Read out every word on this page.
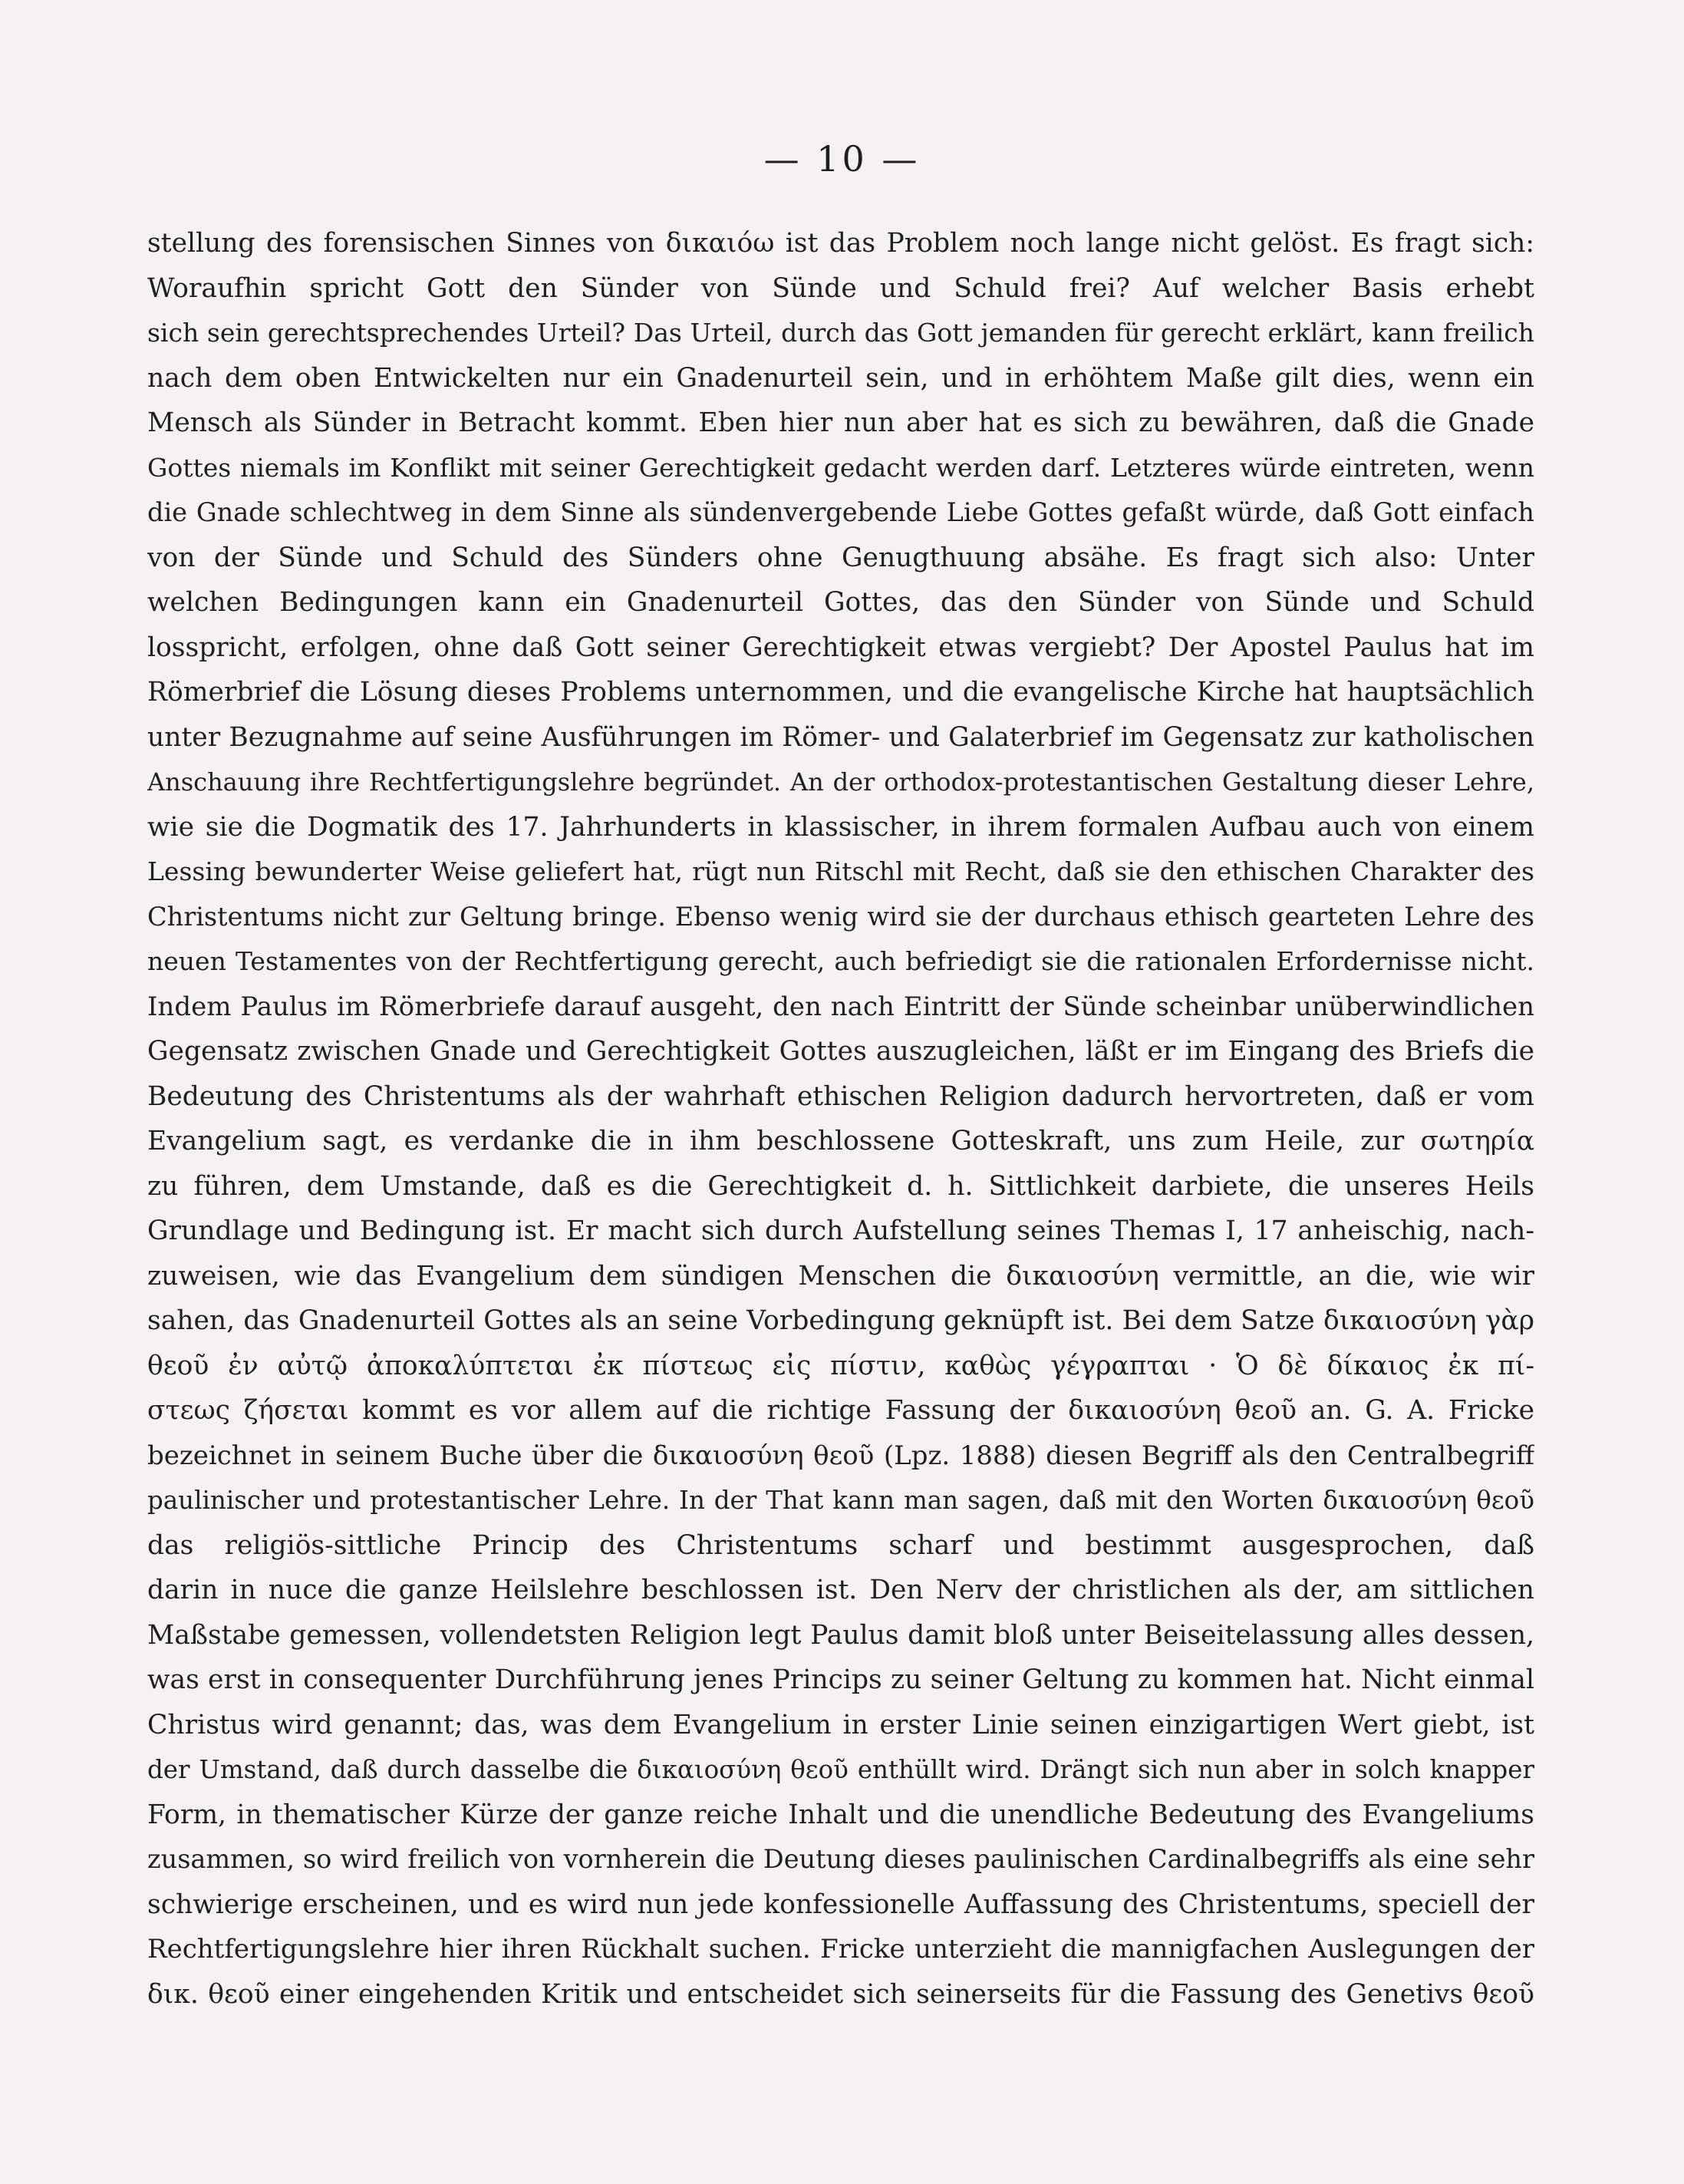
— 10 —
stellung des forensischen Sinnes von δικαιόω ist das Problem noch lange nicht gelöst. Es fragt sich:
Woraufhin spricht Gott den Sünder von Sünde und Schuld frei? Auf welcher Basis erhebt
sich sein gerechtsprechendes Urteil? Das Urteil, durch das Gott jemanden für gerecht erklärt, kann freilich
nach dem oben Entwickelten nur ein Gnadenurteil sein, und in erhöhtem Maße gilt dies, wenn ein
Mensch als Sünder in Betracht kommt. Eben hier nun aber hat es sich zu bewähren, daß die Gnade
Gottes niemals im Konflikt mit seiner Gerechtigkeit gedacht werden darf. Letzteres würde eintreten, wenn
die Gnade schlechtweg in dem Sinne als sündenvergebende Liebe Gottes gefaßt würde, daß Gott einfach
von der Sünde und Schuld des Sünders ohne Genugthuung absähe. Es fragt sich also: Unter
welchen Bedingungen kann ein Gnadenurteil Gottes, das den Sünder von Sünde und Schuld
losspricht, erfolgen, ohne daß Gott seiner Gerechtigkeit etwas vergiebt? Der Apostel Paulus hat im
Römerbrief die Lösung dieses Problems unternommen, und die evangelische Kirche hat hauptsächlich
unter Bezugnahme auf seine Ausführungen im Römer- und Galaterbrief im Gegensatz zur katholischen
Anschauung ihre Rechtfertigungslehre begründet. An der orthodox-protestantischen Gestaltung dieser Lehre,
wie sie die Dogmatik des 17. Jahrhunderts in klassischer, in ihrem formalen Aufbau auch von einem
Lessing bewunderter Weise geliefert hat, rügt nun Ritschl mit Recht, daß sie den ethischen Charakter des
Christentums nicht zur Geltung bringe. Ebenso wenig wird sie der durchaus ethisch gearteten Lehre des
neuen Testamentes von der Rechtfertigung gerecht, auch befriedigt sie die rationalen Erfordernisse nicht.
Indem Paulus im Römerbriefe darauf ausgeht, den nach Eintritt der Sünde scheinbar unüberwindlichen
Gegensatz zwischen Gnade und Gerechtigkeit Gottes auszugleichen, läßt er im Eingang des Briefs die
Bedeutung des Christentums als der wahrhaft ethischen Religion dadurch hervortreten, daß er vom
Evangelium sagt, es verdanke die in ihm beschlossene Gotteskraft, uns zum Heile, zur σωτηρία
zu führen, dem Umstande, daß es die Gerechtigkeit d. h. Sittlichkeit darbiete, die unseres Heils
Grundlage und Bedingung ist. Er macht sich durch Aufstellung seines Themas I, 17 anheischig, nach-
zuweisen, wie das Evangelium dem sündigen Menschen die δικαιοσύνη vermittle, an die, wie wir
sahen, das Gnadenurteil Gottes als an seine Vorbedingung geknüpft ist. Bei dem Satze δικαιοσύνη γὰρ
θεοῦ ἐν αὐτῷ ἀποκαλύπτεται ἐκ πίστεως εἰς πίστιν, καθὼς γέγραπται · Ὁ δὲ δίκαιος ἐκ πί-
στεως ζήσεται kommt es vor allem auf die richtige Fassung der δικαιοσύνη θεοῦ an. G. A. Fricke
bezeichnet in seinem Buche über die δικαιοσύνη θεοῦ (Lpz. 1888) diesen Begriff als den Centralbegriff
paulinischer und protestantischer Lehre. In der That kann man sagen, daß mit den Worten δικαιοσύνη θεοῦ
das religiös-sittliche Princip des Christentums scharf und bestimmt ausgesprochen, daß
darin in nuce die ganze Heilslehre beschlossen ist. Den Nerv der christlichen als der, am sittlichen
Maßstabe gemessen, vollendetsten Religion legt Paulus damit bloß unter Beiseitelassung alles dessen,
was erst in consequenter Durchführung jenes Princips zu seiner Geltung zu kommen hat. Nicht einmal
Christus wird genannt; das, was dem Evangelium in erster Linie seinen einzigartigen Wert giebt, ist
der Umstand, daß durch dasselbe die δικαιοσύνη θεοῦ enthüllt wird. Drängt sich nun aber in solch knapper
Form, in thematischer Kürze der ganze reiche Inhalt und die unendliche Bedeutung des Evangeliums
zusammen, so wird freilich von vornherein die Deutung dieses paulinischen Cardinalbegriffs als eine sehr
schwierige erscheinen, und es wird nun jede konfessionelle Auffassung des Christentums, speciell der
Rechtfertigungslehre hier ihren Rückhalt suchen. Fricke unterzieht die mannigfachen Auslegungen der
δικ. θεοῦ einer eingehenden Kritik und entscheidet sich seinerseits für die Fassung des Genetivs θεοῦ
